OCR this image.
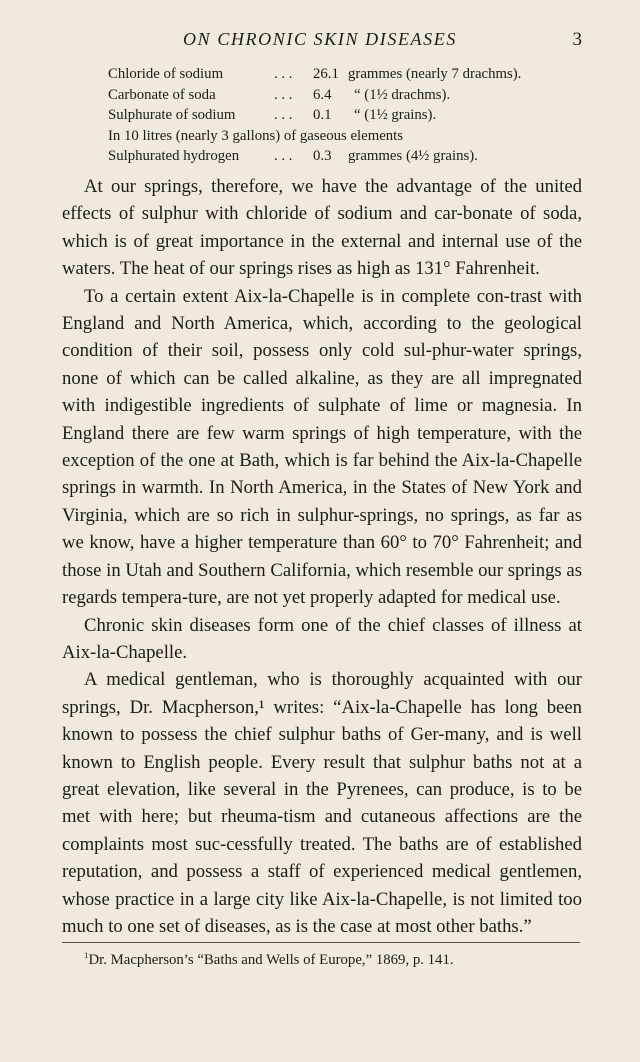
ON CHRONIC SKIN DISEASES	3
Chloride of sodium	. . . 26.1 grammes (nearly 7 drachms).
Carbonate of soda	. . . 6.4 “ (1½ drachms).
Sulphurate of sodium	. . . 0.1 “ (1½ grains).
In 10 litres (nearly 3 gallons) of gaseous elements
Sulphurated hydrogen . . . 0.3 grammes (4½ grains).

At our springs, therefore, we have the advantage of the united effects of sulphur with chloride of sodium and car-bonate of soda, which is of great importance in the external and internal use of the waters. The heat of our springs rises as high as 131° Fahrenheit.

To a certain extent Aix-la-Chapelle is in complete con-trast with England and North America, which, according to the geological condition of their soil, possess only cold sul-phur-water springs, none of which can be called alkaline, as they are all impregnated with indigestible ingredients of sulphate of lime or magnesia. In England there are few warm springs of high temperature, with the exception of the one at Bath, which is far behind the Aix-la-Chapelle springs in warmth. In North America, in the States of New York and Virginia, which are so rich in sulphur-springs, no springs, as far as we know, have a higher temperature than 60° to 70° Fahrenheit; and those in Utah and Southern California, which resemble our springs as regards tempera-ture, are not yet properly adapted for medical use.

Chronic skin diseases form one of the chief classes of illness at Aix-la-Chapelle.

A medical gentleman, who is thoroughly acquainted with our springs, Dr. Macpherson,¹ writes: “Aix-la-Chapelle has long been known to possess the chief sulphur baths of Ger-many, and is well known to English people. Every result that sulphur baths not at a great elevation, like several in the Pyrenees, can produce, is to be met with here; but rheuma-tism and cutaneous affections are the complaints most suc-cessfully treated. The baths are of established reputation, and possess a staff of experienced medical gentlemen, whose practice in a large city like Aix-la-Chapelle, is not limited too much to one set of diseases, as is the case at most other baths.”

$^1$Dr. Macpherson’s “Baths and Wells of Europe,” 1869, p. 141.
